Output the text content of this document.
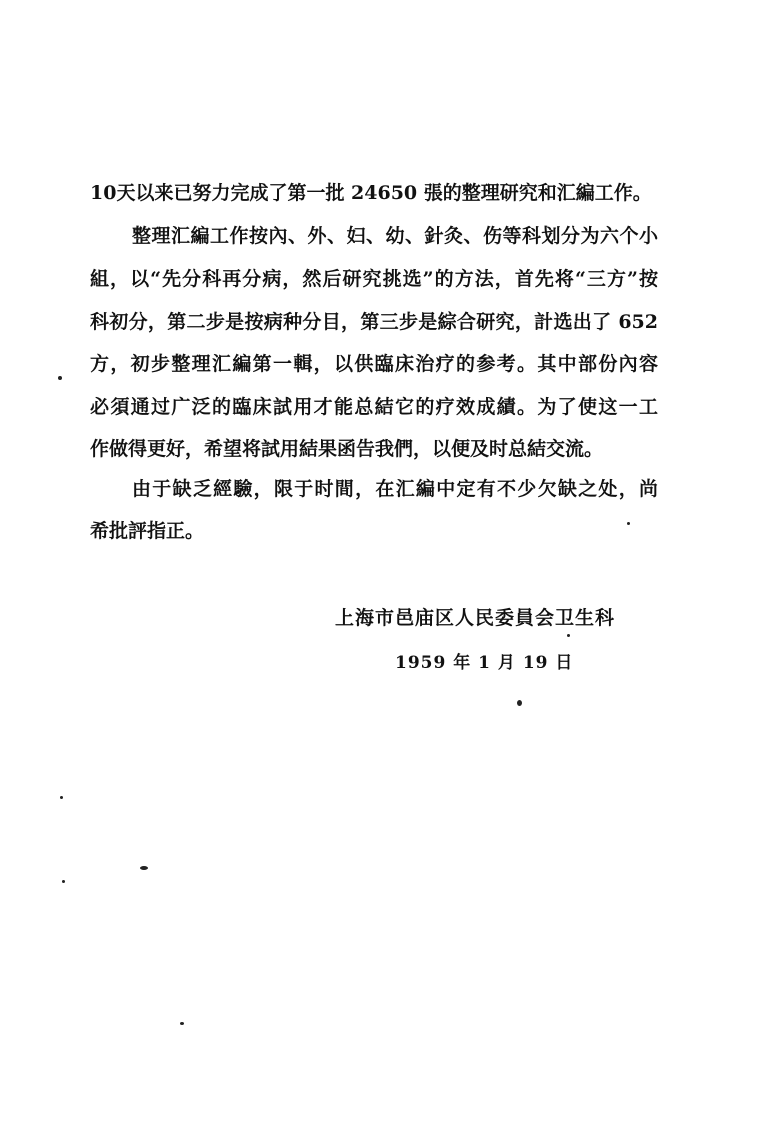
10天以来已努力完成了第一批 24650 張的整理研究和汇編工作。
整理汇編工作按內、外、妇、幼、針灸、伤等科划分为六个小
組，以“先分科再分病，然后研究挑选”的方法，首先将“三方”按
科初分，第二步是按病种分目，第三步是綜合研究，計选出了 652
方，初步整理汇編第一輯，以供臨床治疗的参考。其中部份內容
必須通过广泛的臨床試用才能总結它的疗效成績。为了使这一工
作做得更好，希望将試用結果函告我們，以便及时总結交流。
由于缺乏經驗，限于时間，在汇編中定有不少欠缺之处，尚
希批評指正。
上海市邑庙区人民委員会卫生科
1959 年 1 月 19 日
